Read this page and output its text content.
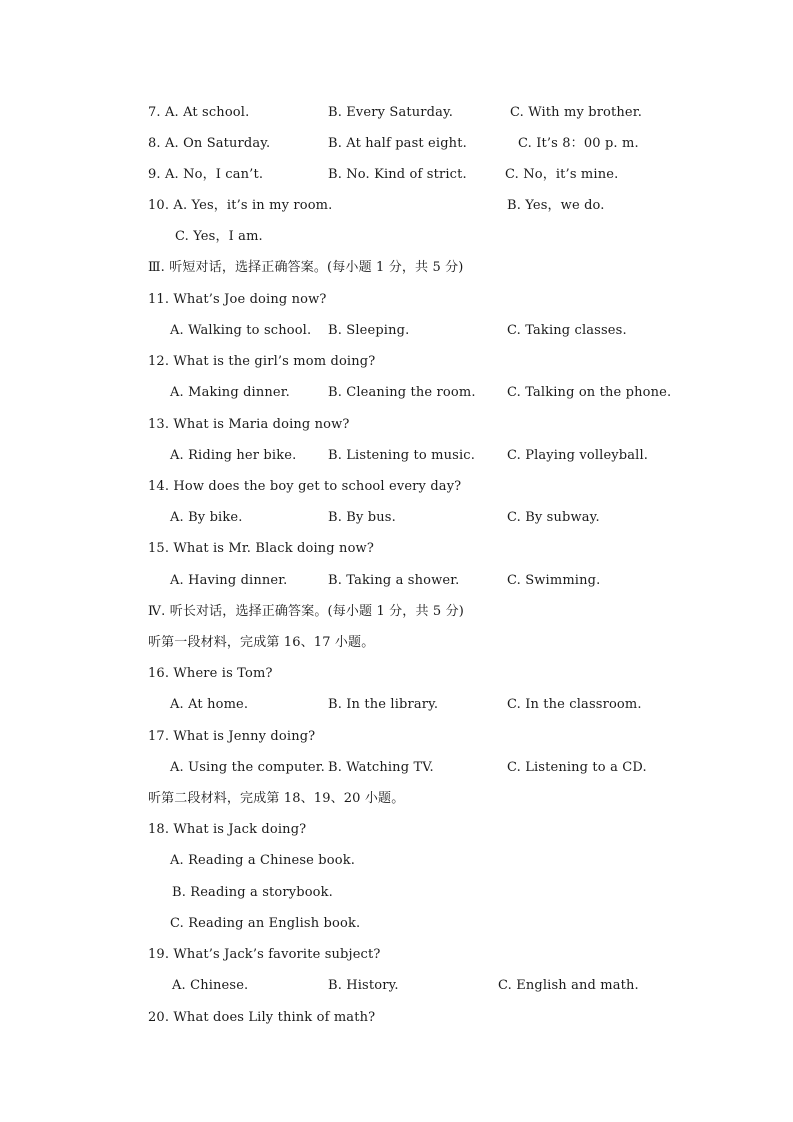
7. A. At school.	B. Every Saturday.	C. With my brother.
8. A. On Saturday.	B. At half past eight.	C. It’s 8：00 p. m.
9. A. No，I can’t.	B. No. Kind of strict.	C. No，it’s mine.
10. A. Yes，it’s in my room.	B. Yes，we do.
C. Yes，I am.
Ⅲ. 听短对话，选择正确答案。(每小题 1 分，共 5 分)
11. What’s Joe doing now?
A. Walking to school. B. Sleeping.	C. Taking classes.
12. What is the girl’s mom doing?
A. Making dinner.	B. Cleaning the room. C. Talking on the phone.
13. What is Maria doing now?
A. Riding her bike. B. Listening to music. C. Playing volleyball.
14. How does the boy get to school every day?
A. By bike.	B. By bus.	C. By subway.
15. What is Mr. Black doing now?
A. Having dinner.	B. Taking a shower.	C. Swimming.
Ⅳ. 听长对话，选择正确答案。(每小题 1 分，共 5 分)
听第一段材料，完成第 16、17 小题。
16. Where is Tom?
A. At home.	B. In the library.	C. In the classroom.
17. What is Jenny doing?
A. Using the computer. B. Watching TV.	C. Listening to a CD.
听第二段材料，完成第 18、19、20 小题。
18. What is Jack doing?
A. Reading a Chinese book.
B. Reading a storybook.
C. Reading an English book.
19. What’s Jack’s favorite subject?
A. Chinese.	B. History.	C. English and math.
20. What does Lily think of math?
